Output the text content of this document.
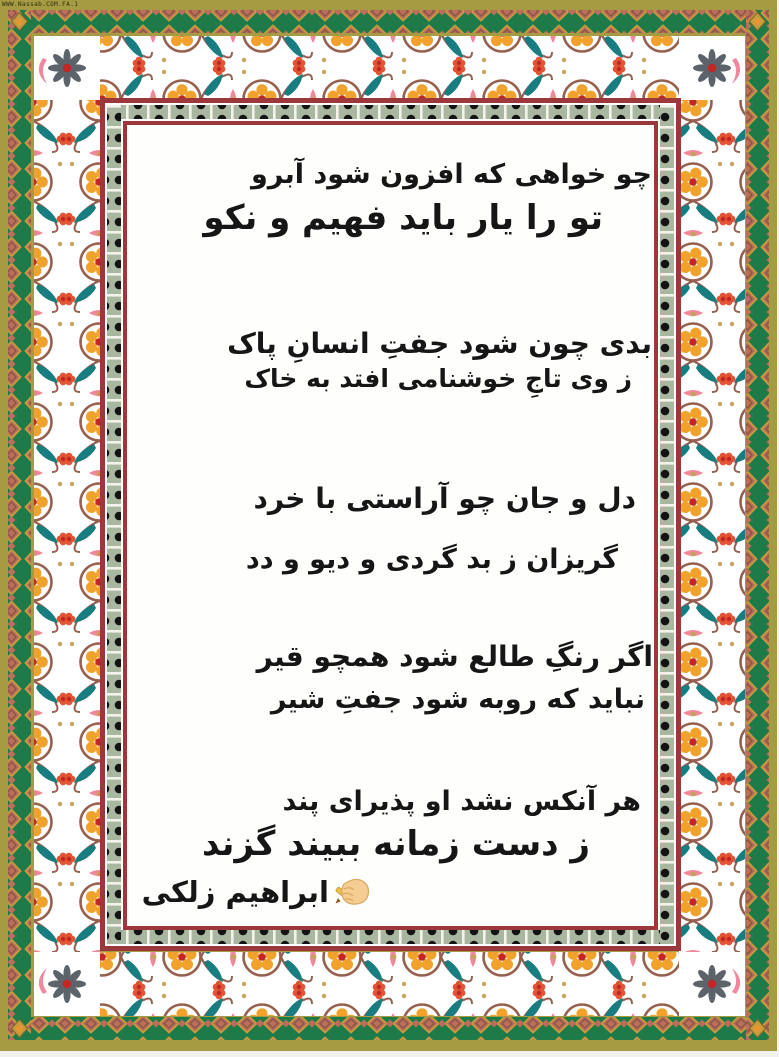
WWW.Nassab.COM.FA.1
چو خواهی که افزون شود آبرو
تو را یار باید فهیم و نکو
بدی چون شود جفتِ انسانِ پاک
ز وی تاجِ خوشنامی افتد به خاک
دل و جان چو آراستی با خرد
گریزان ز بد گردی و دیو و دد
اگر رنگِ طالع شود همچو قیر
نباید که روبه شود جفتِ شیر
هر آنکس نشد او پذیرای پند
ز دست زمانه ببیند گزند
ابراهیم زلکی
